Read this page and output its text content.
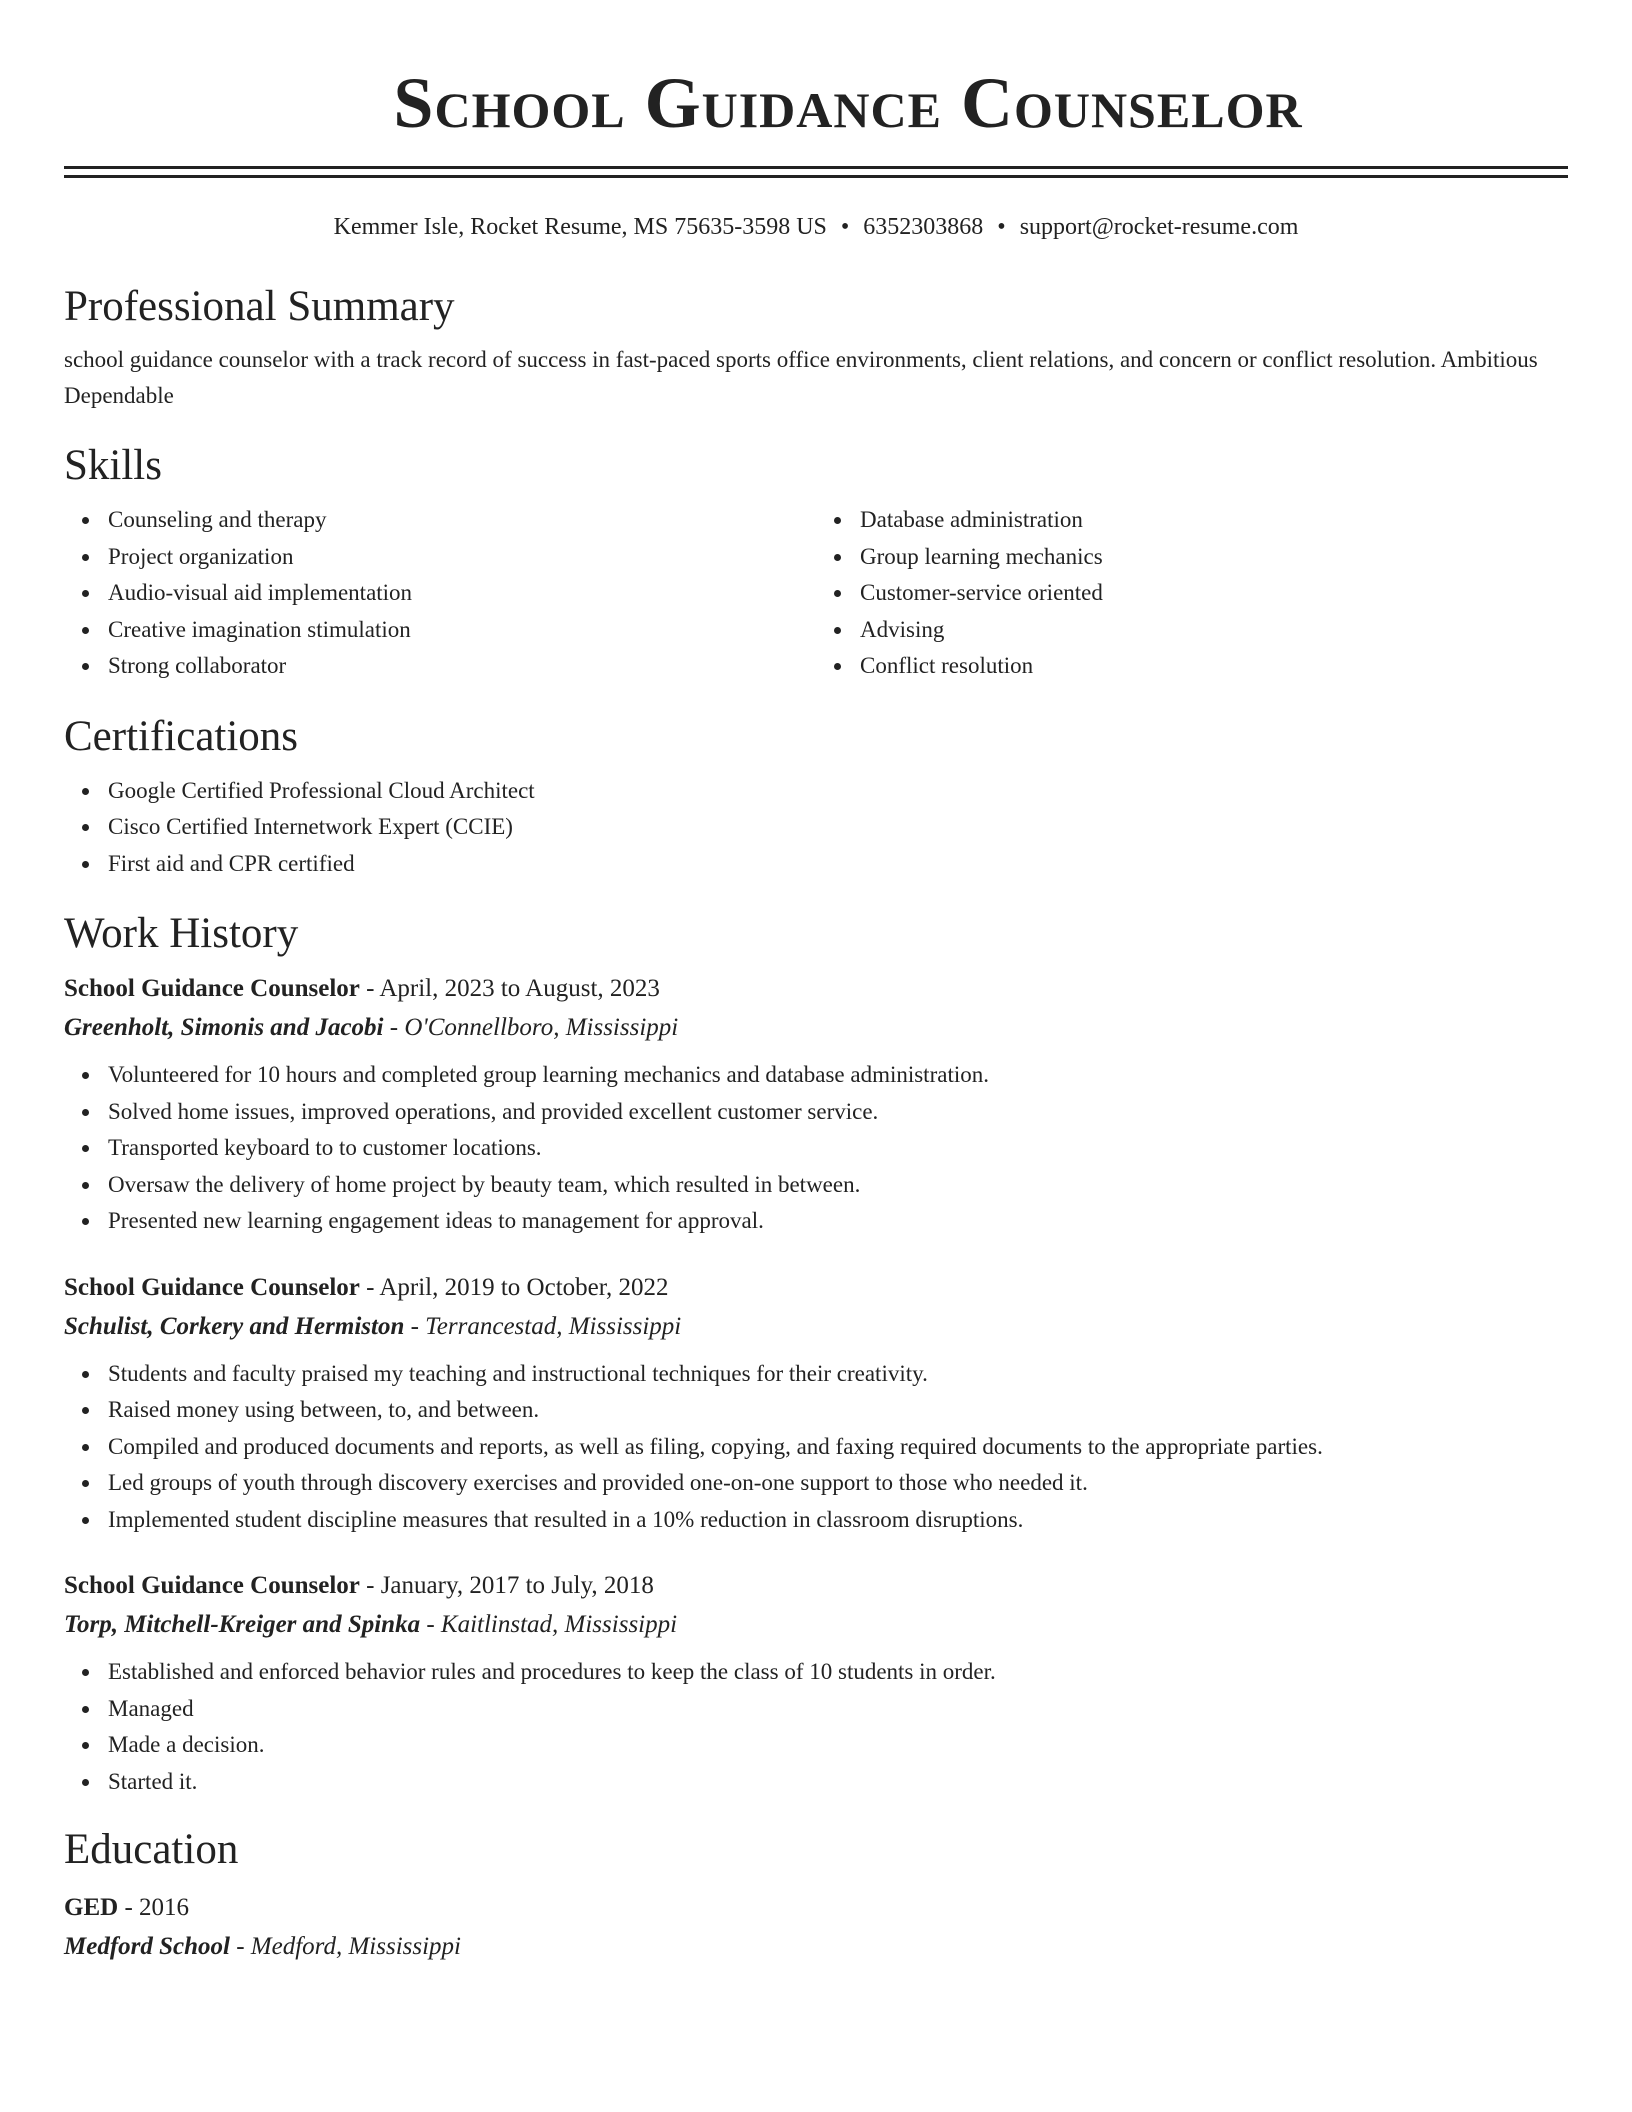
School Guidance Counselor
Kemmer Isle, Rocket Resume, MS 75635-3598 US • 6352303868 • support@rocket-resume.com
Professional Summary

school guidance counselor with a track record of success in fast-paced sports office environments, client relations, and concern or conflict resolution. Ambitious Dependable

Skills
Counseling and therapy
Project organization
Audio-visual aid implementation
Creative imagination stimulation
Strong collaborator
Database administration
Group learning mechanics
Customer-service oriented
Advising
Conflict resolution
Certifications
Google Certified Professional Cloud Architect
Cisco Certified Internetwork Expert (CCIE)
First aid and CPR certified
Work History

School Guidance Counselor - April, 2023 to August, 2023

Greenholt, Simonis and Jacobi - O'Connellboro, Mississippi

Volunteered for 10 hours and completed group learning mechanics and database administration.
Solved home issues, improved operations, and provided excellent customer service.
Transported keyboard to to customer locations.
Oversaw the delivery of home project by beauty team, which resulted in between.
Presented new learning engagement ideas to management for approval.

School Guidance Counselor - April, 2019 to October, 2022

Schulist, Corkery and Hermiston - Terrancestad, Mississippi

Students and faculty praised my teaching and instructional techniques for their creativity.
Raised money using between, to, and between.
Compiled and produced documents and reports, as well as filing, copying, and faxing required documents to the appropriate parties.
Led groups of youth through discovery exercises and provided one-on-one support to those who needed it.
Implemented student discipline measures that resulted in a 10% reduction in classroom disruptions.

School Guidance Counselor - January, 2017 to July, 2018

Torp, Mitchell-Kreiger and Spinka - Kaitlinstad, Mississippi

Established and enforced behavior rules and procedures to keep the class of 10 students in order.
Managed
Made a decision.
Started it.
Education

GED - 2016

Medford School - Medford, Mississippi
